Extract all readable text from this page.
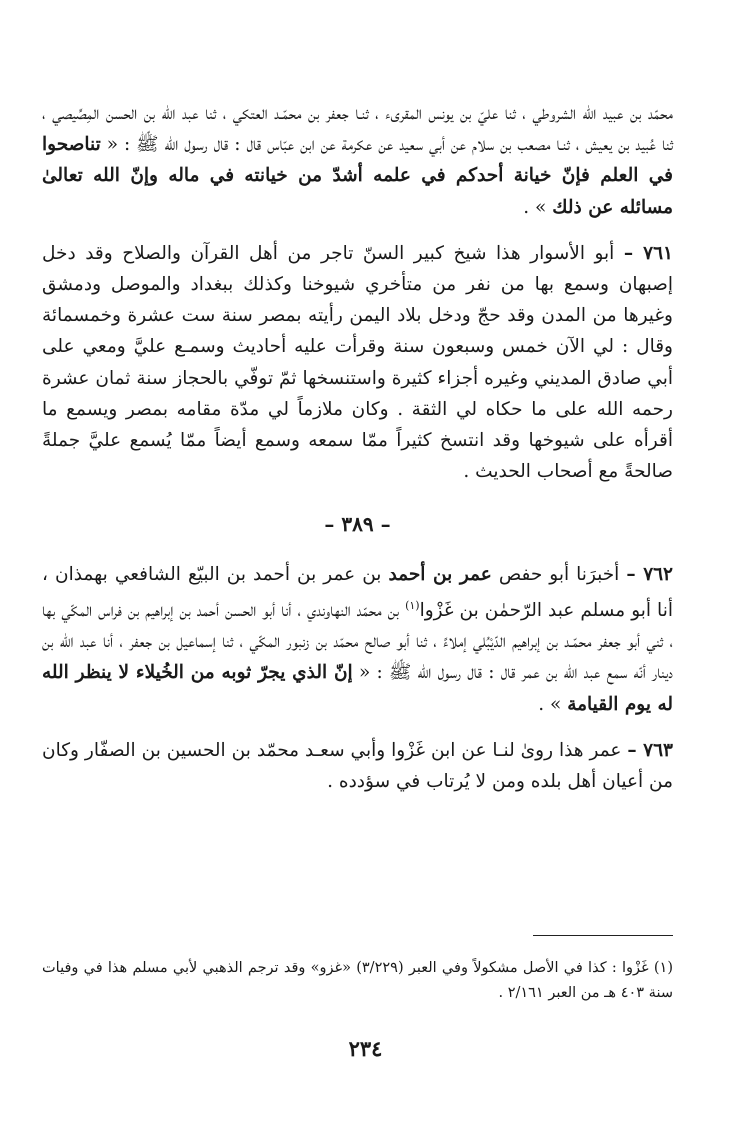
محمّد بن عبيد الله الشروطي ، ثنا عليّ بن يونس المقرىء ، ثنـا جعفر بن محمّـد العتكي ، ثنا عبد الله بن الحسن المِصِّيصي ، ثنا عُبيد بن يعيش ، ثنـا مصعب بن سلام عن أبي سعيد عن عكرمة عن ابن عبّاس قال : قال رسول الله ﷺ : « تناصحوا في العلم فإنّ خيانة أحدكم في علمه أشدّ من خيانته في ماله وإنّ الله تعالىٰ مسائله عن ذلك » .

٧٦١ – أبو الأسوار هذا شيخ كبير السنّ تاجر من أهل القرآن والصلاح وقد دخل إصبهان وسمع بها من نفر من متأخري شيوخنا وكذلك ببغداد والموصل ودمشق وغيرها من المدن وقد حجّ ودخل بلاد اليمن رأيته بمصر سنة ست عشرة وخمسمائة وقال : لي الآن خمس وسبعون سنة وقرأت عليه أحاديث وسمـع عليَّ ومعي على أبي صادق المديني وغيره أجزاء كثيرة واستنسخها ثمّ توفّي بالحجاز سنة ثمان عشرة رحمه الله على ما حكاه لي الثقة . وكان ملازماً لي مدّة مقامه بمصر ويسمع ما أقرأه على شيوخها وقد انتسخ كثيراً ممّا سمعه وسمع أيضاً ممّا يُسمع عليَّ جملةً صالحةً مع أصحاب الحديث .

– ٣٨٩ –

٧٦٢ – أخبرَنا أبو حفص عمر بن أحمد بن عمر بن أحمد بن البيّع الشافعي بهمذان ، أنا أبو مسلم عبد الرّحمٰن بن غَزْوا$^{(١)}$ بن محمّد النهاوندي ، أنا أبو الحسن أحمد بن إبراهيم بن فراس المكّي بها ، ثني أبو جعفر محمّـد بن إبراهيم الدّيْبُلي إملاءً ، ثنا أبو صالح محمّد بن زنبور المكّي ، ثنا إسماعيل بن جعفر ، أنا عبد الله بن دينار أنّه سمع عبد الله بن عمر قال : قال رسول الله ﷺ : « إنّ الذي يجرّ ثوبه من الخُيلاء لا ينظر الله له يوم القيامة » .

٧٦٣ – عمر هذا روىٰ لنـا عن ابن غَزْوا وأبي سعـد محمّد بن الحسين بن الصفّار وكان من أعيان أهل بلده ومن لا يُرتاب في سؤدده .

(١) غَزْوا : كذا في الأصل مشكولاً وفي العبر (٣/٢٢٩) «غزو» وقد ترجم الذهبي لأبي مسلم هذا في وفيات سنة ٤٠٣ هـ من العبر ٢/١٦١ .
٢٣٤
